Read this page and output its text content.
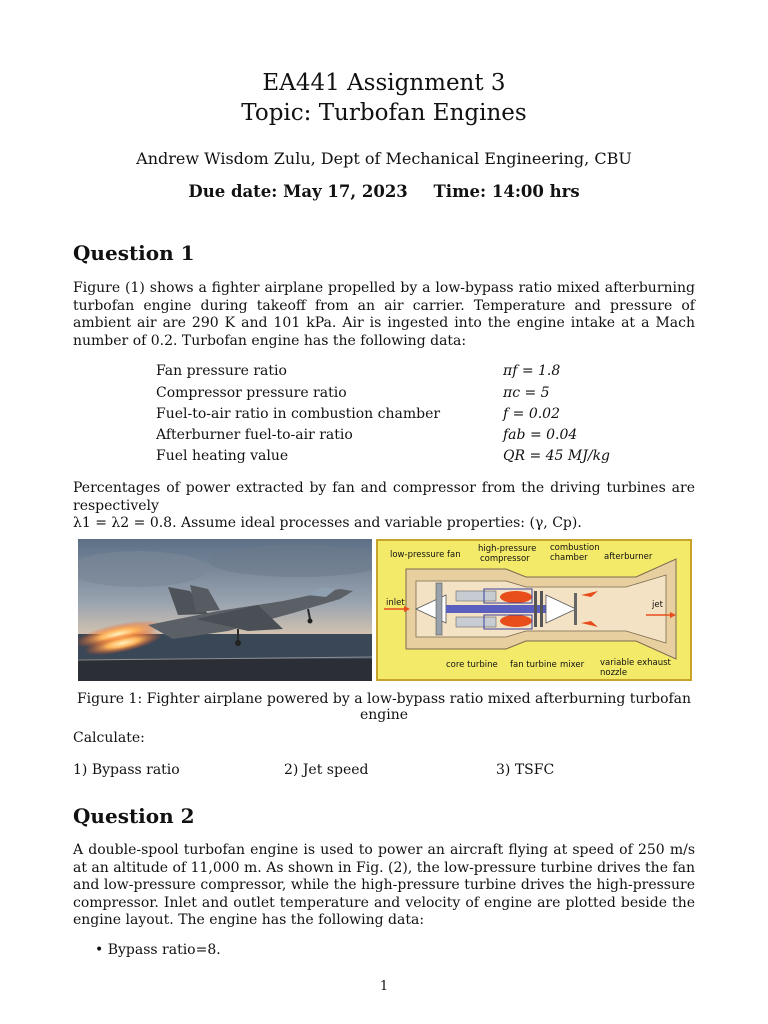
EA441 Assignment 3
Topic: Turbofan Engines
Andrew Wisdom Zulu, Dept of Mechanical Engineering, CBU
Due date: May 17, 2023 Time: 14:00 hrs
Question 1

Figure (1) shows a fighter airplane propelled by a low-bypass ratio mixed afterburning turbofan engine during takeoff from an air carrier. Temperature and pressure of ambient air are 290 K and 101 kPa. Air is ingested into the engine intake at a Mach number of 0.2. Turbofan engine has the following data:

Fan pressure ratio	πf = 1.8
Compressor pressure ratio	πc = 5
Fuel-to-air ratio in combustion chamber	f = 0.02
Afterburner fuel-to-air ratio	fab = 0.04
Fuel heating value	QR = 45 MJ/kg

Percentages of power extracted by fan and compressor from the driving turbines are respectively

λ1 = λ2 = 0.8. Assume ideal processes and variable properties: (γ, Cp).

low-pressure fan
high-pressure
compressor
combustion
chamber afterburner
inlet	jet
core turbine fan turbine mixer variable exhaust
nozzle
Figure 1: Fighter airplane powered by a low-bypass ratio mixed afterburning turbofan engine
Calculate:
1) Bypass ratio	2) Jet speed	3) TSFC
Question 2

A double-spool turbofan engine is used to power an aircraft flying at speed of 250 m/s at an altitude of 11,000 m. As shown in Fig. (2), the low-pressure turbine drives the fan and low-pressure compressor, while the high-pressure turbine drives the high-pressure compressor. Inlet and outlet temperature and velocity of engine are plotted beside the engine layout. The engine has the following data:

• Bypass ratio=8.
1
